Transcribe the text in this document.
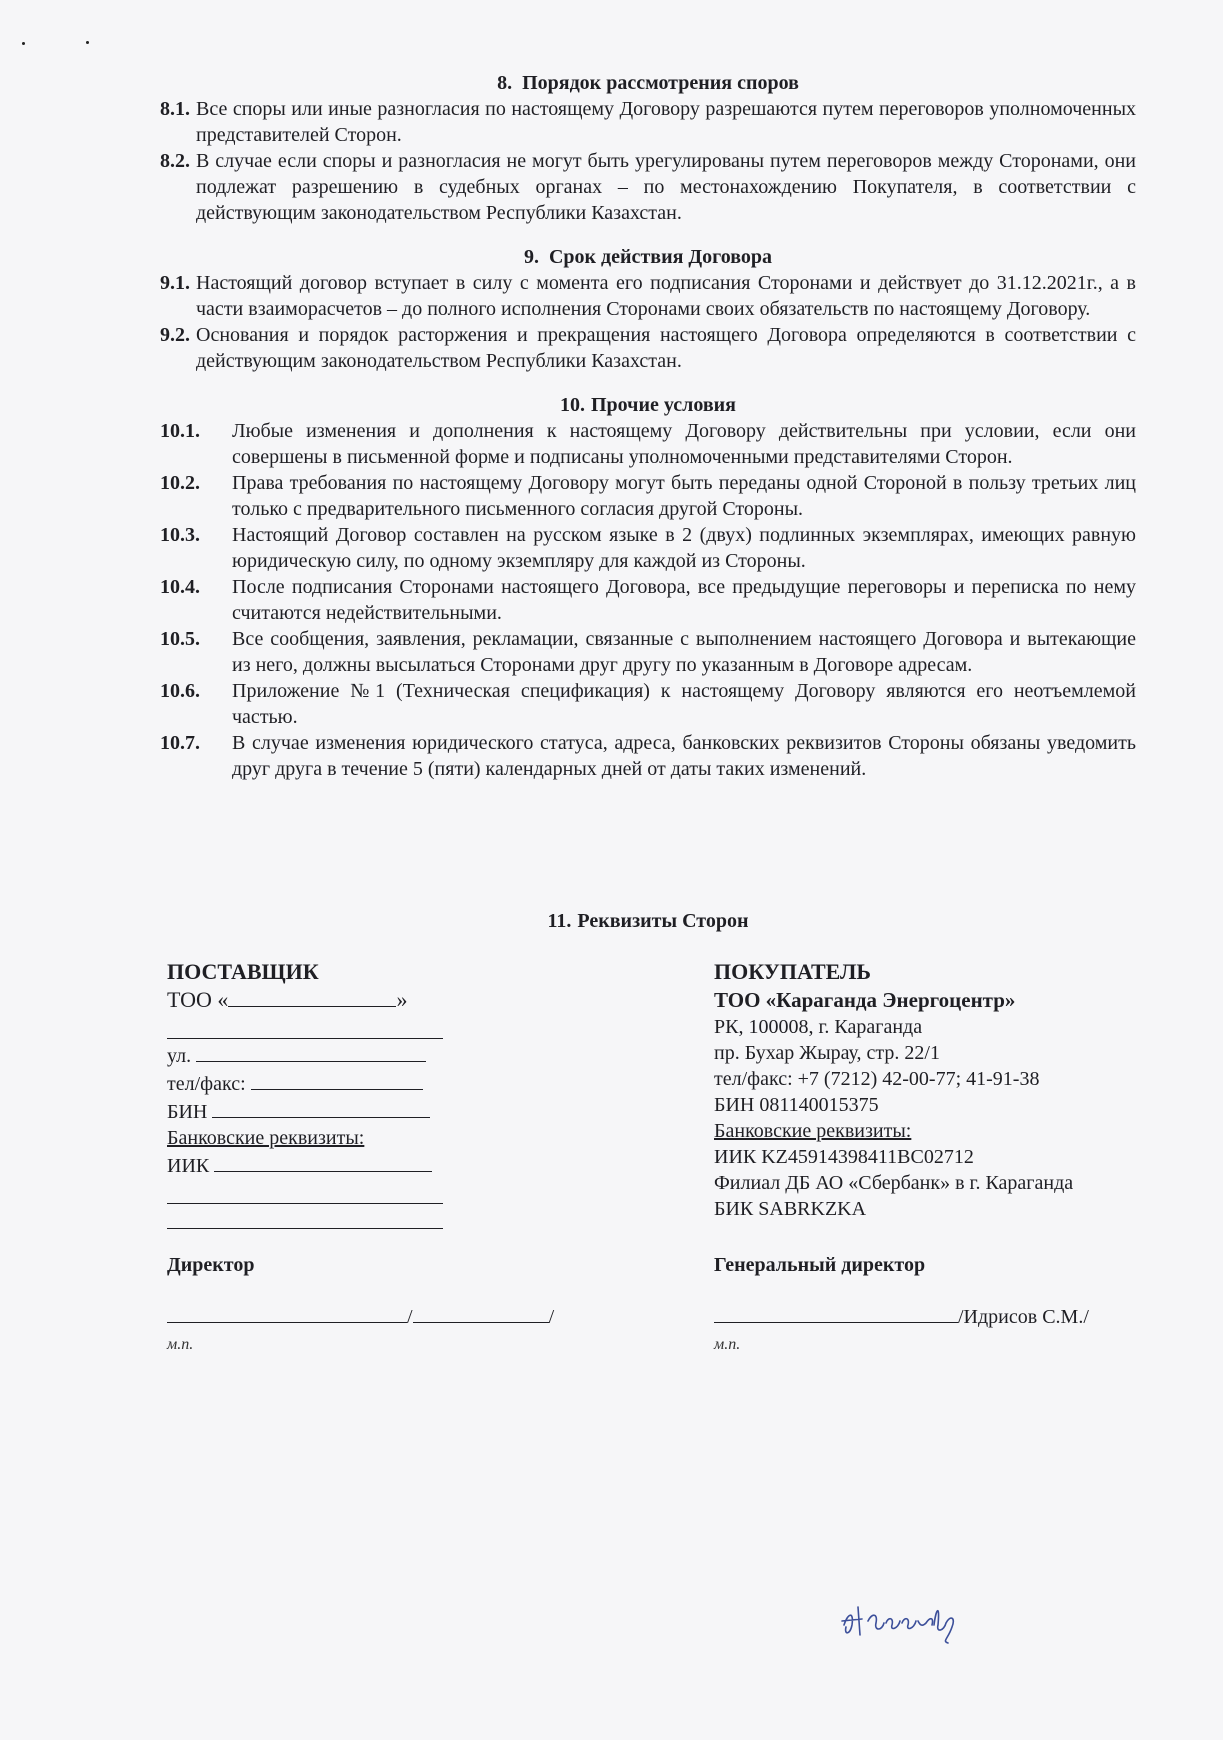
8. Порядок рассмотрения споров
8.1. Все споры или иные разногласия по настоящему Договору разрешаются путем переговоров уполномоченных представителей Сторон.
8.2. В случае если споры и разногласия не могут быть урегулированы путем переговоров между Сторонами, они подлежат разрешению в судебных органах – по местонахождению Покупателя, в соответствии с действующим законодательством Республики Казахстан.
9. Срок действия Договора
9.1. Настоящий договор вступает в силу с момента его подписания Сторонами и действует до 31.12.2021г., а в части взаиморасчетов – до полного исполнения Сторонами своих обязательств по настоящему Договору.
9.2. Основания и порядок расторжения и прекращения настоящего Договора определяются в соответствии с действующим законодательством Республики Казахстан.
10. Прочие условия
10.1.	Любые изменения и дополнения к настоящему Договору действительны при условии, если они совершены в письменной форме и подписаны уполномоченными представителями Сторон.
10.2.	Права требования по настоящему Договору могут быть переданы одной Стороной в пользу третьих лиц только с предварительного письменного согласия другой Стороны.
10.3.	Настоящий Договор составлен на русском языке в 2 (двух) подлинных экземплярах, имеющих равную юридическую силу, по одному экземпляру для каждой из Стороны.
10.4.	После подписания Сторонами настоящего Договора, все предыдущие переговоры и переписка по нему считаются недействительными.
10.5.	Все сообщения, заявления, рекламации, связанные с выполнением настоящего Договора и вытекающие из него, должны высылаться Сторонами друг другу по указанным в Договоре адресам.
10.6.	Приложение №1 (Техническая спецификация) к настоящему Договору являются его неотъемлемой частью.
10.7.	В случае изменения юридического статуса, адреса, банковских реквизитов Стороны обязаны уведомить друг друга в течение 5 (пяти) календарных дней от даты таких изменений.
11. Реквизиты Сторон
ПОСТАВЩИК
ТОО «	»
ул.
тел/факс:
БИН
Банковские реквизиты:
ИИК
ПОКУПАТЕЛЬ
ТОО «Караганда Энергоцентр»
РК, 100008, г. Караганда
пр. Бухар Жырау, стр. 22/1
тел/факс: +7 (7212) 42-00-77; 41-91-38
БИН 081140015375
Банковские реквизиты:
ИИК KZ45914398411BC02712
Филиал ДБ АО «Сбербанк» в г. Караганда
БИК SABRKZKA
Директор	Генеральный директор
/	/	/Идрисов С.М./
м.п.	м.п.
